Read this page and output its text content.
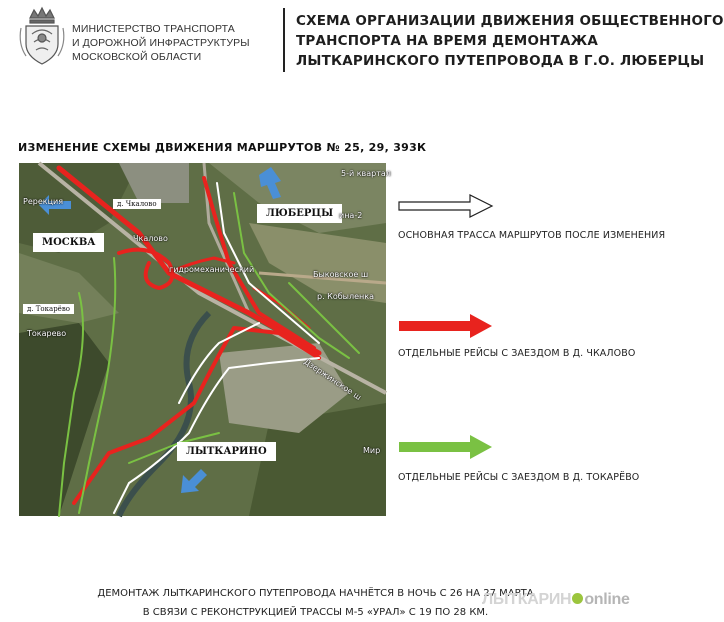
МИНИСТЕРСТВО ТРАНСПОРТА
И ДОРОЖНОЙ ИНФРАСТРУКТУРЫ
МОСКОВСКОЙ ОБЛАСТИ
СХЕМА ОРГАНИЗАЦИИ ДВИЖЕНИЯ ОБЩЕСТВЕННОГО
ТРАНСПОРТА НА ВРЕМЯ ДЕМОНТАЖА
ЛЫТКАРИНСКОГО ПУТЕПРОВОДА В Г.О. ЛЮБЕРЦЫ
ИЗМЕНЕНИЕ СХЕМЫ ДВИЖЕНИЯ МАРШРУТОВ № 25, 29, 393К
МОСКВА
ЛЮБЕРЦЫ
ЛЫТКАРИНО
д. Чкалово
д. Токарёво
Чкалово
Токарево
Мир
Быковское ш
р. Кобыленка
ина-2
5-й квартал
Ререкция
гидромеханический
Дзержинское ш
ОСНОВНАЯ ТРАССА МАРШРУТОВ ПОСЛЕ ИЗМЕНЕНИЯ
ОТДЕЛЬНЫЕ РЕЙСЫ С ЗАЕЗДОМ В Д. ЧКАЛОВО
ОТДЕЛЬНЫЕ РЕЙСЫ С ЗАЕЗДОМ В Д. ТОКАРЁВО
ДЕМОНТАЖ ЛЫТКАРИНСКОГО ПУТЕПРОВОДА НАЧНЁТСЯ В НОЧЬ С 26 НА 27 МАРТА
В СВЯЗИ С РЕКОНСТРУКЦИЕЙ ТРАССЫ М-5 «УРАЛ» С 19 ПО 28 КМ.
ЛЫТКАРИН online
